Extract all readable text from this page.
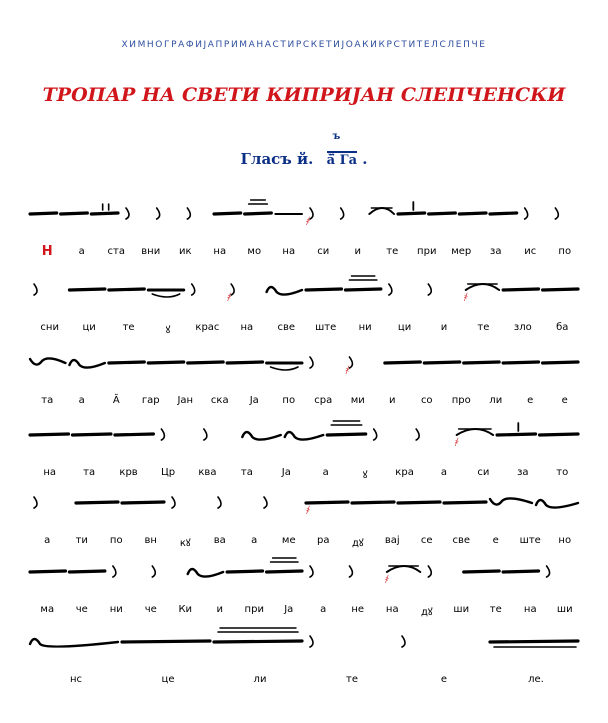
ХИМНОГРАФИЈАПРИМАНАСТИРСКЕТИЈОАКИКРСТИТЕЛСЛЕПЧЕ
ТРОПАР НА СВЕТИ КИПРИЈАН СЛЕПЧЕНСКИ
Гласъ й. ӑ̈ Га
ъ
.
҂
Н	а ста вни ик на мо на си	и	те при мер за ис по
҂	҂
сни ци	те	ꙋ	крас на све ште ни	ци	и	те зло ба
҂
та	а	Ӑ гар Јан ска Ја по сра ми и	со про ли е	е
҂
на	та крв Цр ква та	Ја	а	ꙋ	кра	а	си	за	то
҂
а	ти по вн кꙋ ва	а ме ра дꙋ вај се све е ште но
҂
ма че ни че Ки и при Ја	а	не на дꙋ ши те на ши
нс	це	ли	те	е	ле.
